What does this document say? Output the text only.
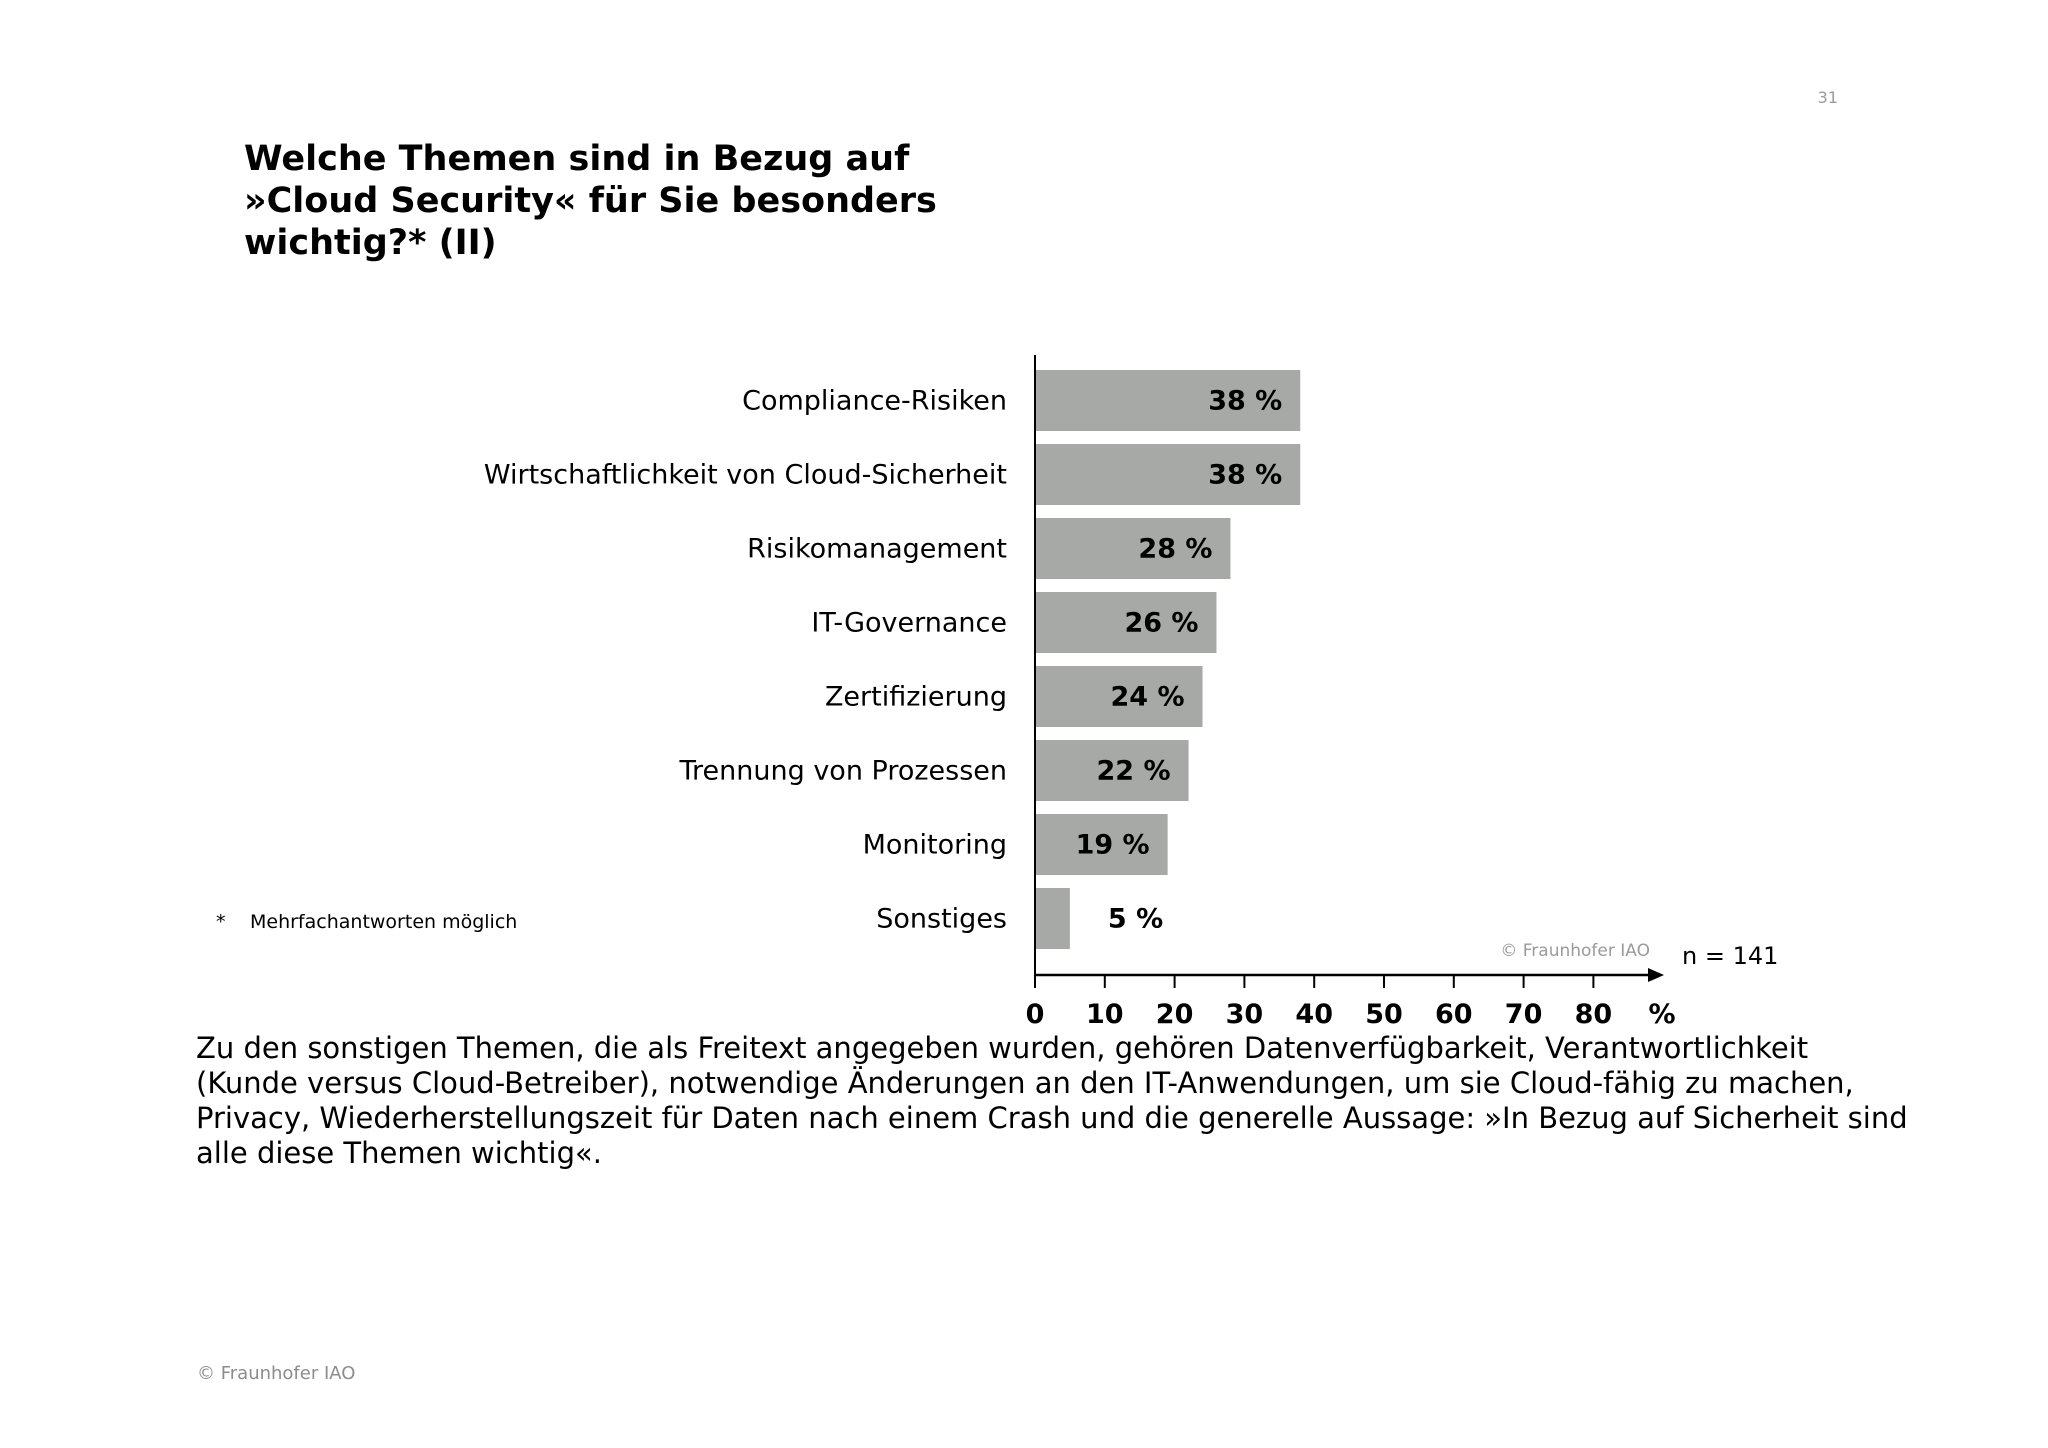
31
Welche Themen sind in Bezug auf
»Cloud Security« für Sie besonders
wichtig?* (II)
Compliance-Risiken
Wirtschaftlichkeit von Cloud-Sicherheit
Risikomanagement
IT-Governance
Zertifizierung
Trennung von Prozessen
Monitoring
Sonstiges
38 %
38 %
28 %
26 %
24 %
22 %
19 %
5 %
0 10 20 30 40 50 60 70 80 %
n = 141
© Fraunhofer IAO
* Mehrfachantworten möglich

Zu den sonstigen Themen, die als Freitext angegeben wurden, gehören Datenverfügbarkeit, Verantwortlichkeit
(Kunde versus Cloud-Betreiber), notwendige Änderungen an den IT-Anwendungen, um sie Cloud-fähig zu machen,
Privacy, Wiederherstellungszeit für Daten nach einem Crash und die generelle Aussage: »In Bezug auf Sicherheit sind
alle diese Themen wichtig«.

© Fraunhofer IAO
